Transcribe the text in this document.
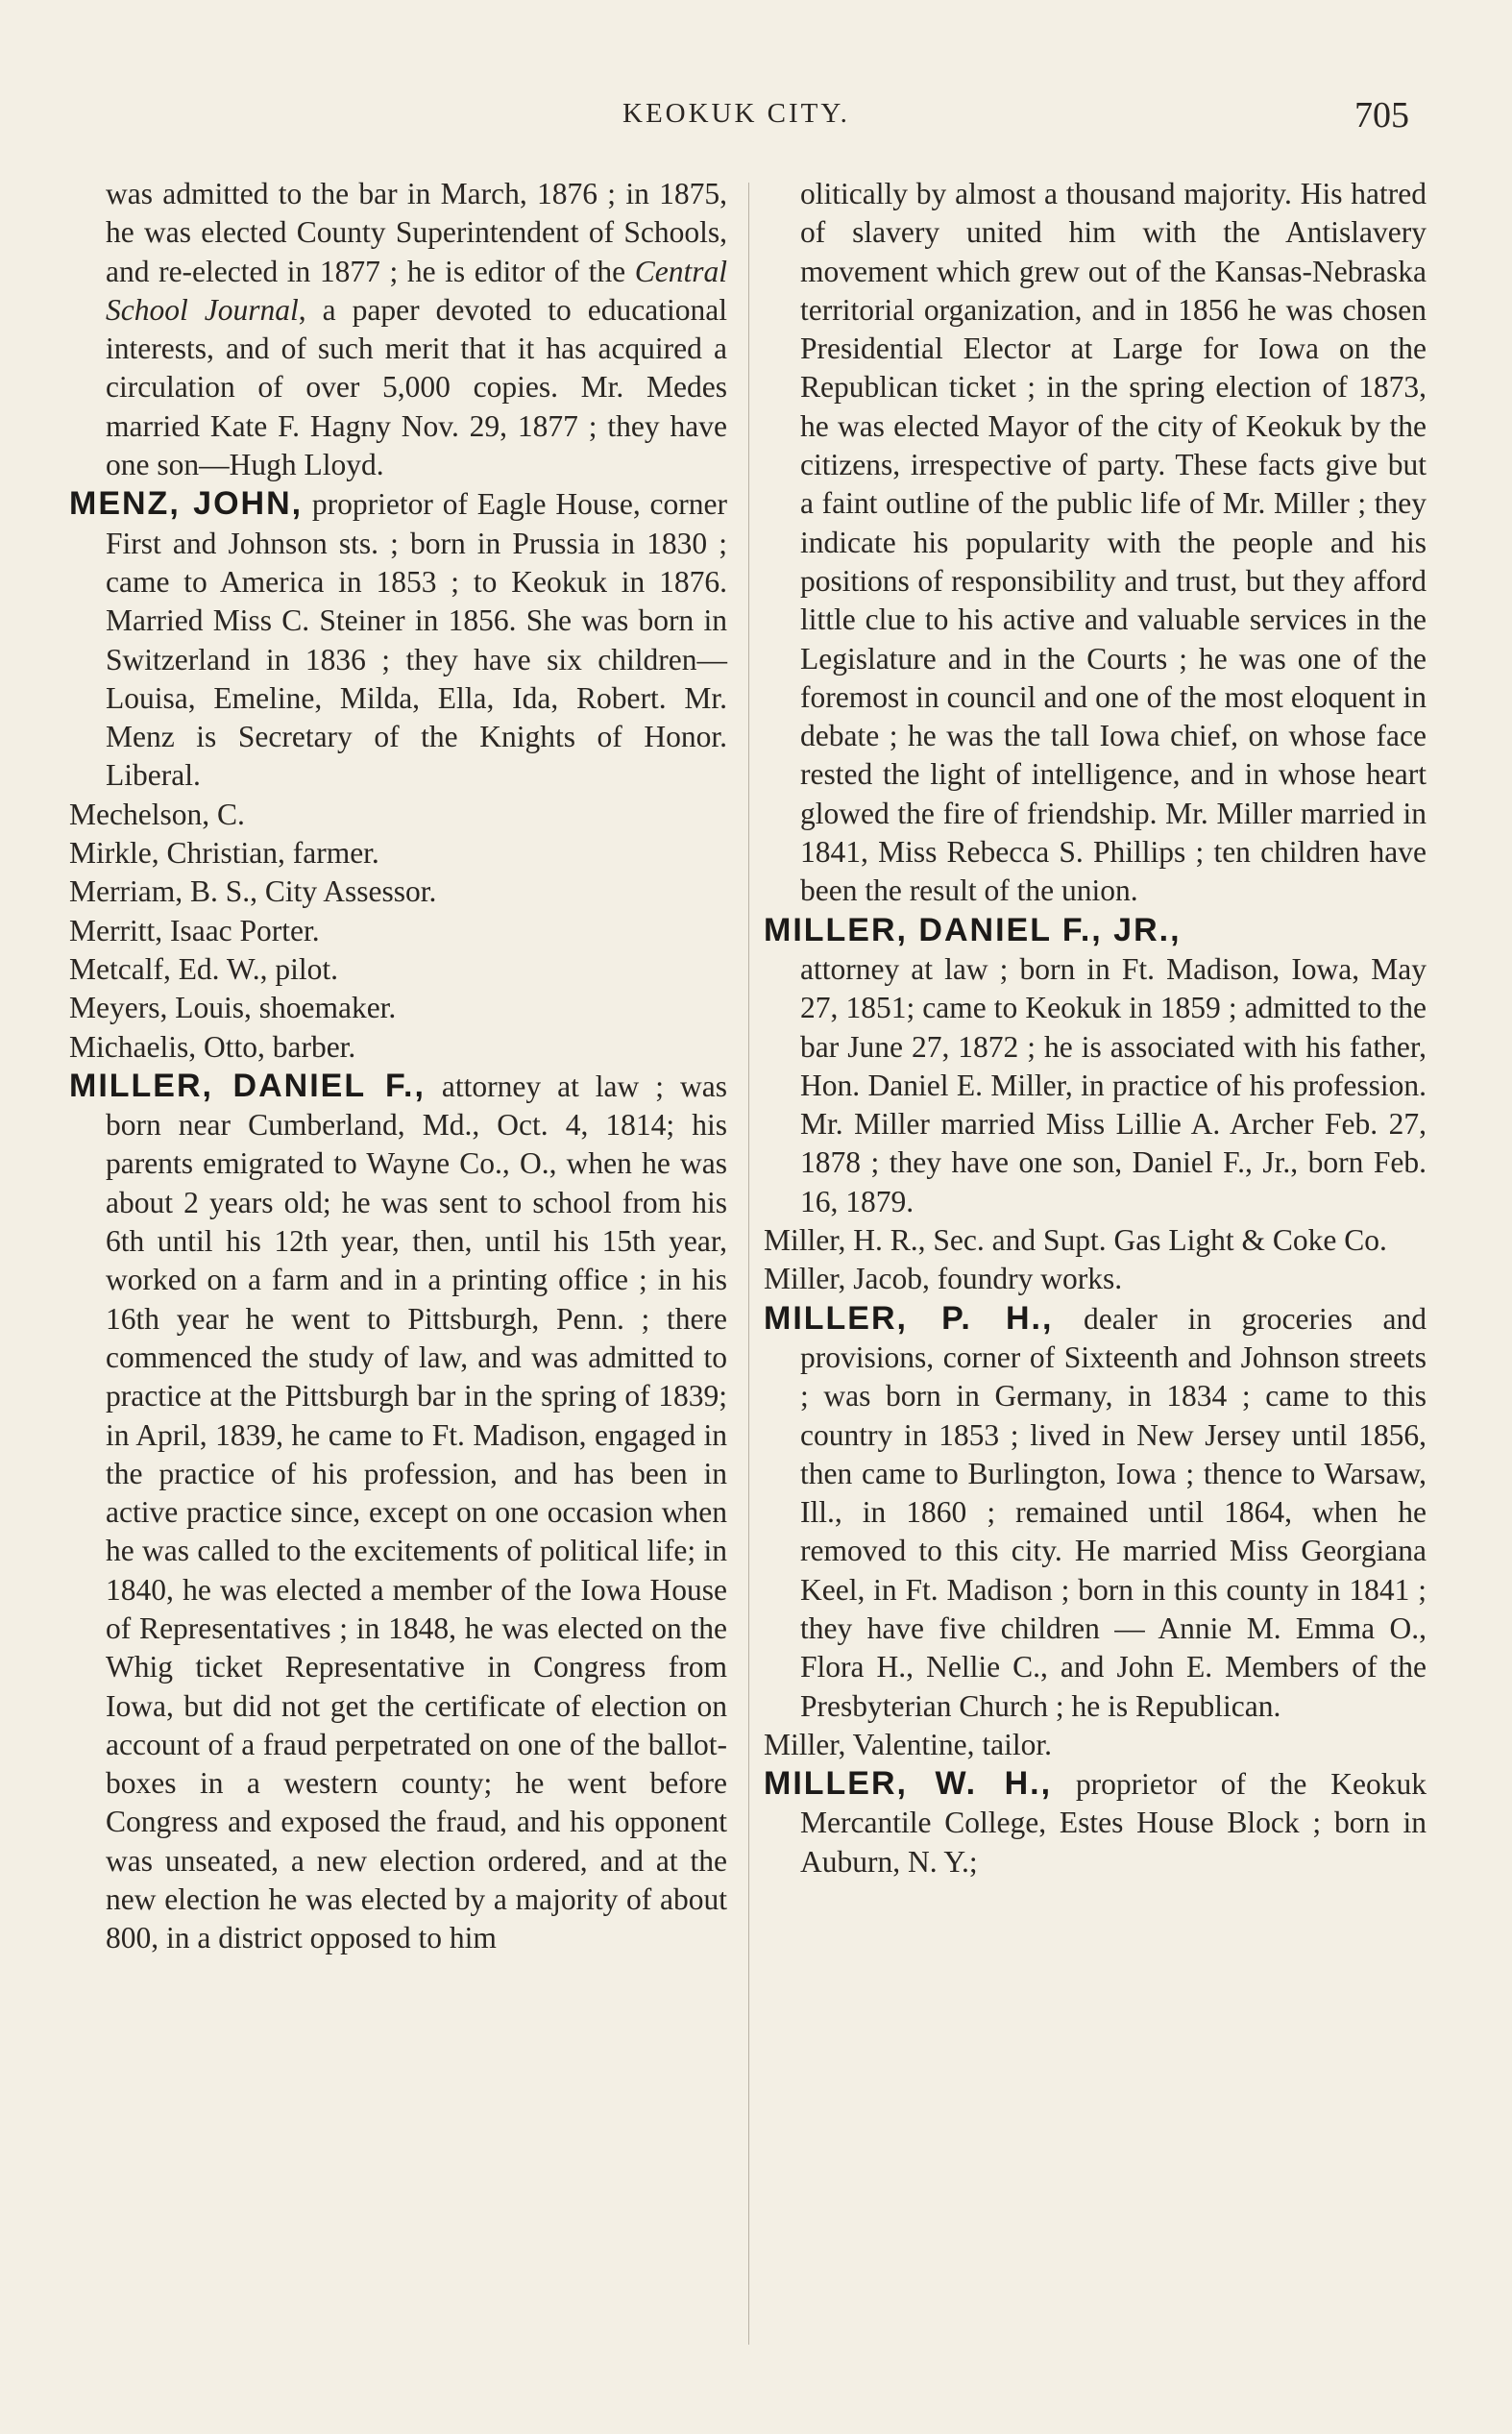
KEOKUK CITY.	705
was admitted to the bar in March, 1876 ; in 1875, he was elected County Superintendent of Schools, and re-elected in 1877 ; he is editor of the Central School Journal, a paper devoted to educational interests, and of such merit that it has acquired a circulation of over 5,000 copies. Mr. Medes married Kate F. Hagny Nov. 29, 1877 ; they have one son—Hugh Lloyd.
MENZ, JOHN, proprietor of Eagle House, corner First and Johnson sts. ; born in Prussia in 1830 ; came to America in 1853 ; to Keokuk in 1876. Married Miss C. Steiner in 1856. She was born in Switzerland in 1836 ; they have six children—Louisa, Emeline, Milda, Ella, Ida, Robert. Mr. Menz is Secretary of the Knights of Honor. Liberal.
Mechelson, C.
Mirkle, Christian, farmer.
Merriam, B. S., City Assessor.
Merritt, Isaac Porter.
Metcalf, Ed. W., pilot.
Meyers, Louis, shoemaker.
Michaelis, Otto, barber.
MILLER, DANIEL F., attorney at law ; was born near Cumberland, Md., Oct. 4, 1814; his parents emigrated to Wayne Co., O., when he was about 2 years old; he was sent to school from his 6th until his 12th year, then, until his 15th year, worked on a farm and in a printing office ; in his 16th year he went to Pittsburgh, Penn. ; there commenced the study of law, and was admitted to practice at the Pittsburgh bar in the spring of 1839; in April, 1839, he came to Ft. Madison, engaged in the practice of his profession, and has been in active practice since, except on one occasion when he was called to the excitements of political life; in 1840, he was elected a member of the Iowa House of Representatives ; in 1848, he was elected on the Whig ticket Representative in Congress from Iowa, but did not get the certificate of election on account of a fraud perpetrated on one of the ballot-boxes in a western county; he went before Congress and exposed the fraud, and his opponent was unseated, a new election ordered, and at the new election he was elected by a majority of about 800, in a district opposed to him
olitically by almost a thousand majority. His hatred of slavery united him with the Antislavery movement which grew out of the Kansas-Nebraska territorial organization, and in 1856 he was chosen Presidential Elector at Large for Iowa on the Republican ticket ; in the spring election of 1873, he was elected Mayor of the city of Keokuk by the citizens, irrespective of party. These facts give but a faint outline of the public life of Mr. Miller ; they indicate his popularity with the people and his positions of responsibility and trust, but they afford little clue to his active and valuable services in the Legislature and in the Courts ; he was one of the foremost in council and one of the most eloquent in debate ; he was the tall Iowa chief, on whose face rested the light of intelligence, and in whose heart glowed the fire of friendship. Mr. Miller married in 1841, Miss Rebecca S. Phillips ; ten children have been the result of the union.
MILLER, DANIEL F., JR.,
attorney at law ; born in Ft. Madison, Iowa, May 27, 1851; came to Keokuk in 1859 ; admitted to the bar June 27, 1872 ; he is associated with his father, Hon. Daniel E. Miller, in practice of his profession. Mr. Miller married Miss Lillie A. Archer Feb. 27, 1878 ; they have one son, Daniel F., Jr., born Feb. 16, 1879.
Miller, H. R., Sec. and Supt. Gas Light & Coke Co.
Miller, Jacob, foundry works.
MILLER, P. H., dealer in groceries and provisions, corner of Sixteenth and Johnson streets ; was born in Germany, in 1834 ; came to this country in 1853 ; lived in New Jersey until 1856, then came to Burlington, Iowa ; thence to Warsaw, Ill., in 1860 ; remained until 1864, when he removed to this city. He married Miss Georgiana Keel, in Ft. Madison ; born in this county in 1841 ; they have five children — Annie M. Emma O., Flora H., Nellie C., and John E. Members of the Presbyterian Church ; he is Republican.
Miller, Valentine, tailor.
MILLER, W. H., proprietor of the Keokuk Mercantile College, Estes House Block ; born in Auburn, N. Y.;
